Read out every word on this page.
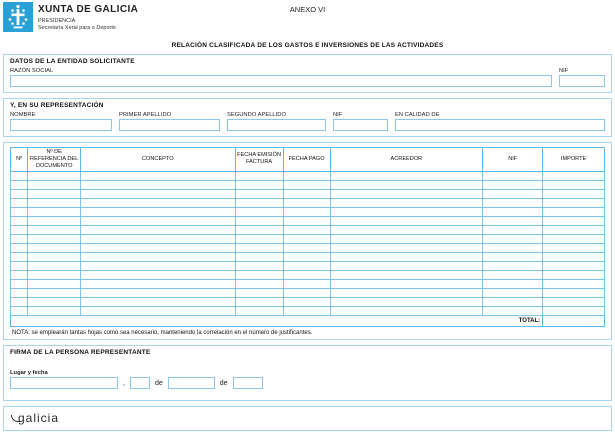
XUNTA DE GALICIA
PRESIDENCIA
Secretaría Xeral para o Deporte
ANEXO VI
RELACIÓN CLASIFICADA DE LOS GASTOS E INVERSIONES DE LAS ACTIVIDADES
DATOS DE LA ENTIDAD SOLICITANTE
RAZÓN SOCIAL	NIF
Y, EN SU REPRESENTACIÓN
NOMBRE	PRIMER APELLIDO	SEGUNDO APELLIDO	NIF	EN CALIDAD DE
Nº	Nº DE REFERENCIA DEL DOCUMENTO	CONCEPTO	FECHA EMISIÓN FACTURA	FECHA PAGO	ACREEDOR	NIF	IMPORTE

TOTAL:							
NOTA: se emplearán tantas hojas como sea necesario, manteniendo la correlación en el número de justificantes.
FIRMA DE LA PERSONA REPRESENTANTE
Lugar y fecha
,	de	de
galicia
